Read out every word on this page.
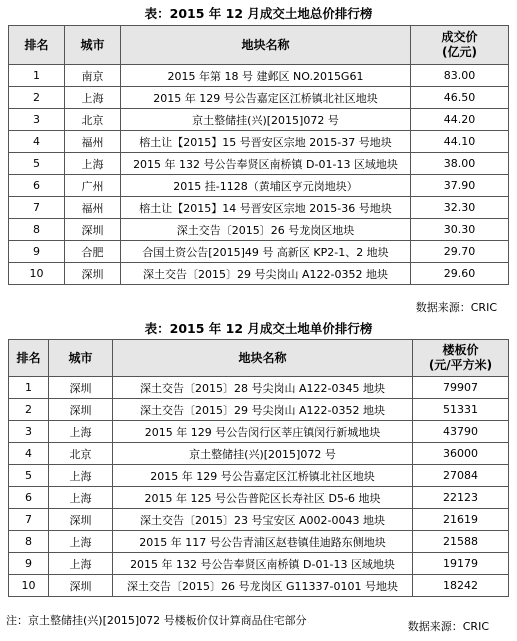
表：2015 年 12 月成交土地总价排行榜
排名	城市	地块名称	成交价
(亿元)

1	南京	2015 年第 18 号 建邺区 NO.2015G61	83.00
2	上海	2015 年 129 号公告嘉定区江桥镇北社区地块	46.50
3	北京	京土整储挂(兴)[2015]072 号	44.20
4	福州	榕土让【2015】15 号晋安区宗地 2015-37 号地块	44.10
5	上海	2015 年 132 号公告奉贤区南桥镇 D-01-13 区域地块	38.00
6	广州	2015 挂-1128（黄埔区亨元岗地块）	37.90
7	福州	榕土让【2015】14 号晋安区宗地 2015-36 号地块	32.30
8	深圳	深土交告〔2015〕26 号龙岗区地块	30.30
9	合肥	合国土资公告[2015]49 号 高新区 KP2-1、2 地块	29.70
10	深圳	深土交告〔2015〕29 号尖岗山 A122-0352 地块	29.60
数据来源：CRIC
表：2015 年 12 月成交土地单价排行榜
排名	城市	地块名称	楼板价
(元/平方米)

1	深圳	深土交告〔2015〕28 号尖岗山 A122-0345 地块	79907
2	深圳	深土交告〔2015〕29 号尖岗山 A122-0352 地块	51331
3	上海	2015 年 129 号公告闵行区莘庄镇闵行新城地块	43790
4	北京	京土整储挂(兴)[2015]072 号	36000
5	上海	2015 年 129 号公告嘉定区江桥镇北社区地块	27084
6	上海	2015 年 125 号公告普陀区长寿社区 D5-6 地块	22123
7	深圳	深土交告〔2015〕23 号宝安区 A002-0043 地块	21619
8	上海	2015 年 117 号公告青浦区赵巷镇佳迪路东侧地块	21588
9	上海	2015 年 132 号公告奉贤区南桥镇 D-01-13 区域地块	19179
10	深圳	深土交告〔2015〕26 号龙岗区 G11337-0101 号地块	18242
注：京土整储挂(兴)[2015]072 号楼板价仅计算商品住宅部分	数据来源：CRIC
